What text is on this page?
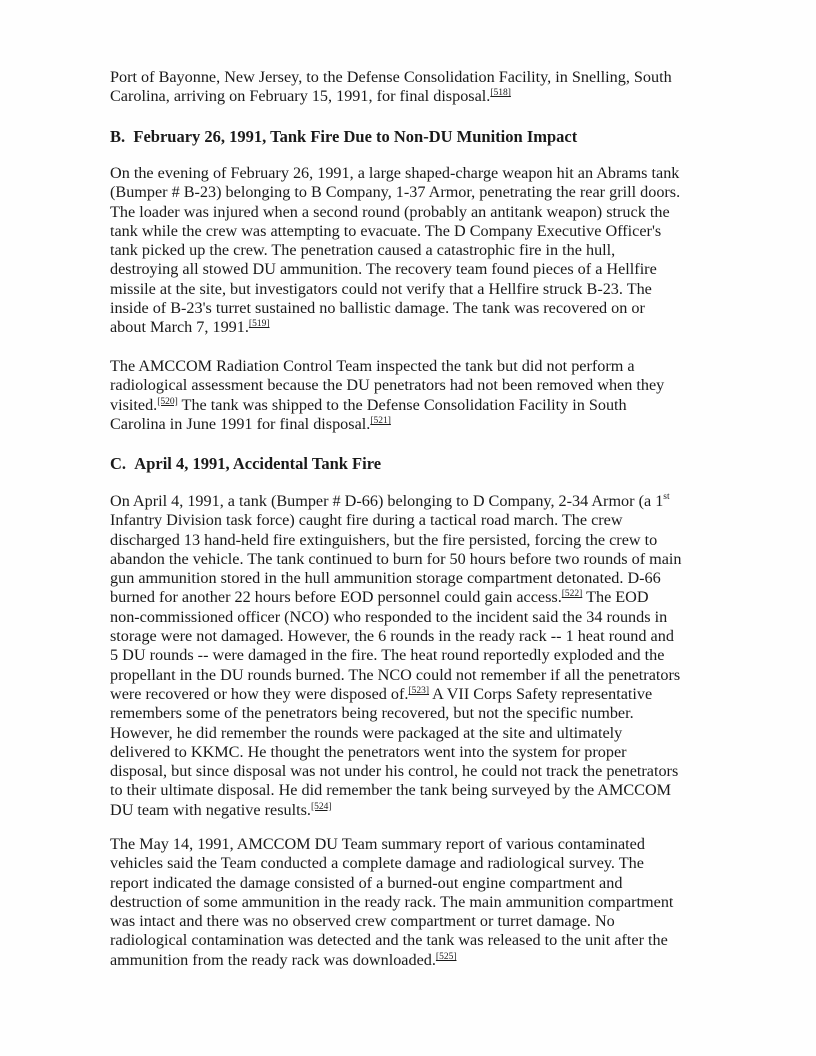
Port of Bayonne, New Jersey, to the Defense Consolidation Facility, in Snelling, South
Carolina, arriving on February 15, 1991, for final disposal.[518]
B. February 26, 1991, Tank Fire Due to Non-DU Munition Impact
On the evening of February 26, 1991, a large shaped-charge weapon hit an Abrams tank
(Bumper # B-23) belonging to B Company, 1-37 Armor, penetrating the rear grill doors.
The loader was injured when a second round (probably an antitank weapon) struck the
tank while the crew was attempting to evacuate. The D Company Executive Officer's
tank picked up the crew. The penetration caused a catastrophic fire in the hull,
destroying all stowed DU ammunition. The recovery team found pieces of a Hellfire
missile at the site, but investigators could not verify that a Hellfire struck B-23. The
inside of B-23's turret sustained no ballistic damage. The tank was recovered on or
about March 7, 1991.[519]
The AMCCOM Radiation Control Team inspected the tank but did not perform a
radiological assessment because the DU penetrators had not been removed when they
visited.[520] The tank was shipped to the Defense Consolidation Facility in South
Carolina in June 1991 for final disposal.[521]
C. April 4, 1991, Accidental Tank Fire
On April 4, 1991, a tank (Bumper # D-66) belonging to D Company, 2-34 Armor (a 1st
Infantry Division task force) caught fire during a tactical road march. The crew
discharged 13 hand-held fire extinguishers, but the fire persisted, forcing the crew to
abandon the vehicle. The tank continued to burn for 50 hours before two rounds of main
gun ammunition stored in the hull ammunition storage compartment detonated. D-66
burned for another 22 hours before EOD personnel could gain access.[522] The EOD
non-commissioned officer (NCO) who responded to the incident said the 34 rounds in
storage were not damaged. However, the 6 rounds in the ready rack -- 1 heat round and
5 DU rounds -- were damaged in the fire. The heat round reportedly exploded and the
propellant in the DU rounds burned. The NCO could not remember if all the penetrators
were recovered or how they were disposed of.[523] A VII Corps Safety representative
remembers some of the penetrators being recovered, but not the specific number.
However, he did remember the rounds were packaged at the site and ultimately
delivered to KKMC. He thought the penetrators went into the system for proper
disposal, but since disposal was not under his control, he could not track the penetrators
to their ultimate disposal. He did remember the tank being surveyed by the AMCCOM
DU team with negative results.[524]
The May 14, 1991, AMCCOM DU Team summary report of various contaminated
vehicles said the Team conducted a complete damage and radiological survey. The
report indicated the damage consisted of a burned-out engine compartment and
destruction of some ammunition in the ready rack. The main ammunition compartment
was intact and there was no observed crew compartment or turret damage. No
radiological contamination was detected and the tank was released to the unit after the
ammunition from the ready rack was downloaded.[525]
